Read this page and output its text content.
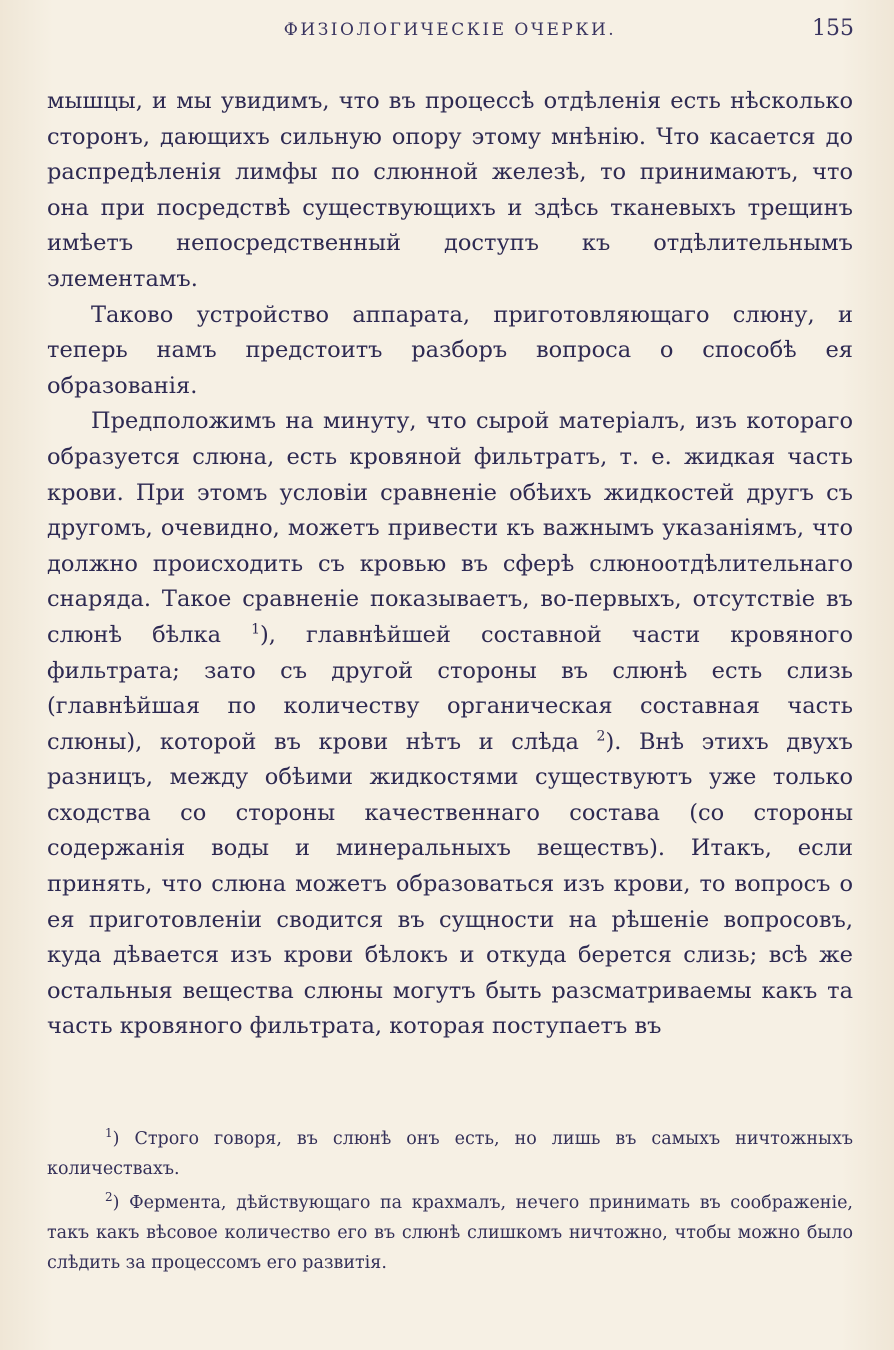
ФИЗІОЛОГИЧЕСКІЕ ОЧЕРКИ.	155

мышцы, и мы увидимъ, что въ процессѣ отдѣленія есть нѣсколько сторонъ, дающихъ сильную опору этому мнѣнію. Что касается до распредѣленія лимфы по слюнной железѣ, то принимаютъ, что она при посредствѣ существующихъ и здѣсь тканевыхъ трещинъ имѣетъ непосредственный доступъ къ отдѣлительнымъ элементамъ.

Таково устройство аппарата, приготовляющаго слюну, и теперь намъ предстоитъ разборъ вопроса о способѣ ея образованія.

Предположимъ на минуту, что сырой матеріалъ, изъ котораго образуется слюна, есть кровяной фильтратъ, т. е. жидкая часть крови. При этомъ условіи сравненіе обѣихъ жидкостей другъ съ другомъ, очевидно, можетъ привести къ важнымъ указаніямъ, что должно происходить съ кровью въ сферѣ слюноотдѣлительнаго снаряда. Такое сравненіе показываетъ, во-первыхъ, отсутствіе въ слюнѣ бѣлка $^1$), главнѣйшей составной части кровяного фильтрата; зато съ другой стороны въ слюнѣ есть слизь (главнѣйшая по количеству органическая составная часть слюны), которой въ крови нѣтъ и слѣда $^2$). Внѣ этихъ двухъ разницъ, между обѣими жидкостями существуютъ уже только сходства со стороны качественнаго состава (со стороны содержанія воды и минеральныхъ веществъ). Итакъ, если принять, что слюна можетъ образоваться изъ крови, то вопросъ о ея приготовленіи сводится въ сущности на рѣшеніе вопросовъ, куда дѣвается изъ крови бѣлокъ и откуда берется слизь; всѣ же остальныя вещества слюны могутъ быть разсматриваемы какъ та часть кровяного фильтрата, которая поступаетъ въ

$^1$) Строго говоря, въ слюнѣ онъ есть, но лишь въ самыхъ ничтожныхъ количествахъ.

$^2$) Фермента, дѣйствующаго па крахмалъ, нечего принимать въ соображеніе, такъ какъ вѣсовое количество его въ слюнѣ слишкомъ ничтожно, чтобы можно было слѣдить за процессомъ его развитія.
